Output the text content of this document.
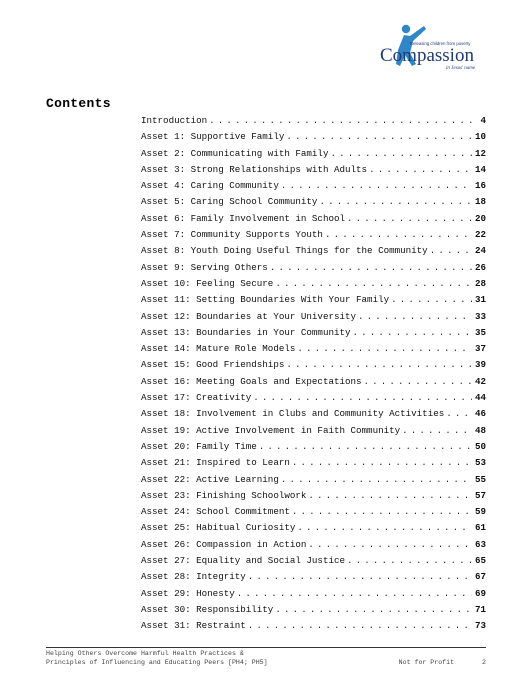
Releasing children from poverty
Compassion
in Jesus' name
Contents
Introduction . . .	4
Asset 1: Supportive Family . . .	10
Asset 2: Communicating with Family . . .	12
Asset 3: Strong Relationships with Adults . . .	14
Asset 4: Caring Community . . .	16
Asset 5: Caring School Community . . .	18
Asset 6: Family Involvement in School . . .	20
Asset 7: Community Supports Youth . . .	22
Asset 8: Youth Doing Useful Things for the Community . . .	24
Asset 9: Serving Others . . .	26
Asset 10: Feeling Secure . . .	28
Asset 11: Setting Boundaries With Your Family . . .	31
Asset 12: Boundaries at Your University . . .	33
Asset 13: Boundaries in Your Community . . .	35
Asset 14: Mature Role Models . . .	37
Asset 15: Good Friendships . . .	39
Asset 16: Meeting Goals and Expectations . . .	42
Asset 17: Creativity . . .	44
Asset 18: Involvement in Clubs and Community Activities . . .	46
Asset 19: Active Involvement in Faith Community . . .	48
Asset 20: Family Time . . .	50
Asset 21: Inspired to Learn . . .	53
Asset 22: Active Learning . . .	55
Asset 23: Finishing Schoolwork . . .	57
Asset 24: School Commitment . . .	59
Asset 25: Habitual Curiosity . . .	61
Asset 26: Compassion in Action . . .	63
Asset 27: Equality and Social Justice . . .	65
Asset 28: Integrity . . .	67
Asset 29: Honesty . . .	69
Asset 30: Responsibility . . .	71
Asset 31: Restraint . . .	73
Helping Others Overcome Harmful Health Practices &
Principles of Influencing and Educating Peers [PH4; PH5]	Not for Profit	2
